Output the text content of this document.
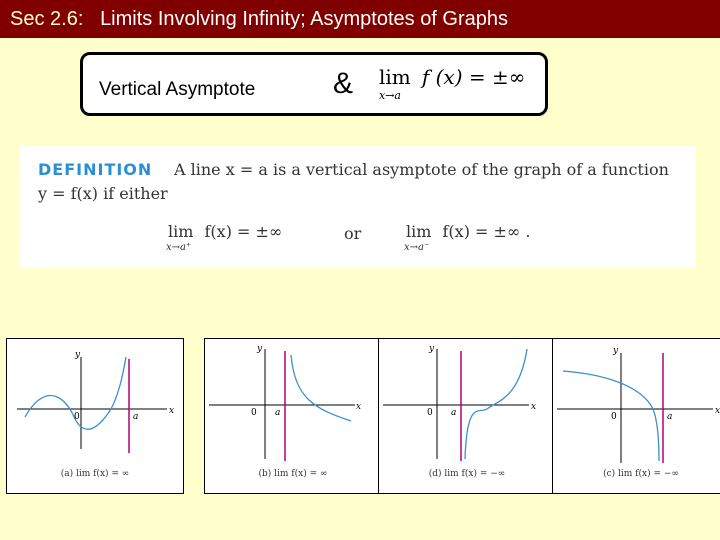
Sec 2.6: Limits Involving Infinity; Asymptotes of Graphs
Vertical Asymptote	& lim
x→a
f (x) = ±∞
DEFINITION A line x = a is a vertical asymptote of the graph of a function
y = f(x) if either
lim
x→a⁺
f(x) = ±∞	or	lim
x→a⁻
f(x) = ±∞ .
y
x
0	a
(a) lim f(x) = ∞
y
x
0 a
(b) lim f(x) = ∞
y
x
0 a
(d) lim f(x) = −∞
y
x
0	a
(c) lim f(x) = −∞
